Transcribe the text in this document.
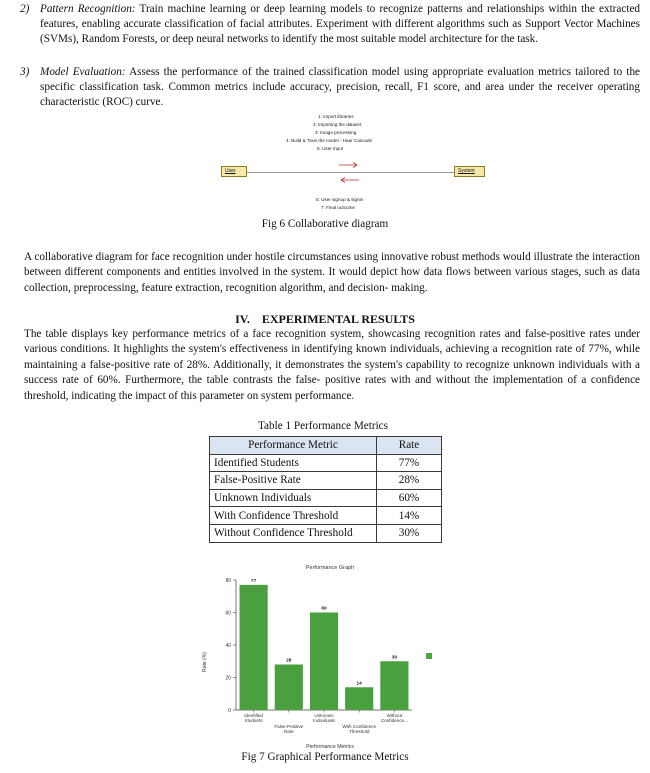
2) Pattern Recognition: Train machine learning or deep learning models to recognize patterns and relationships within the extracted features, enabling accurate classification of facial attributes. Experiment with different algorithms such as Support Vector Machines (SVMs), Random Forests, or deep neural networks to identify the most suitable model architecture for the task.
3) Model Evaluation: Assess the performance of the trained classification model using appropriate evaluation metrics tailored to the specific classification task. Common metrics include accuracy, precision, recall, F1 score, and area under the receiver operating characteristic (ROC) curve.
1: Import libraries
2: Importing the dataset
3: Image processing
4: Build & Train the model - Haar Cascade
6: User input
User	System
5: User signup & signin
7: Final outcome
Fig 6 Collaborative diagram
A collaborative diagram for face recognition under hostile circumstances using innovative robust methods would illustrate the interaction between different components and entities involved in the system. It would depict how data flows between various stages, such as data collection, preprocessing, feature extraction, recognition algorithm, and decision- making.
IV. EXPERIMENTAL RESULTS
The table displays key performance metrics of a face recognition system, showcasing recognition rates and false-positive rates under various conditions. It highlights the system's effectiveness in identifying known individuals, achieving a recognition rate of 77%, while maintaining a false-positive rate of 28%. Additionally, it demonstrates the system's capability to recognize unknown individuals with a success rate of 60%. Furthermore, the table contrasts the false- positive rates with and without the implementation of a confidence threshold, indicating the impact of this parameter on system performance.
Table 1 Performance Metrics
Performance Metric	Rate
Identified Students	77%
False-Positive Rate	28%
Unknown Individuals	60%
With Confidence Threshold	14%
Without Confidence Threshold	30%
Performance Graph
Performance Metrics
Rate (%)
0
20
40
60
80	77
Identified
Students
28
False-Positive
Rate
60
Unknown
Individuals
14
With Confidence
Threshold
30
Without
Confidence...
Fig 7 Graphical Performance Metrics
